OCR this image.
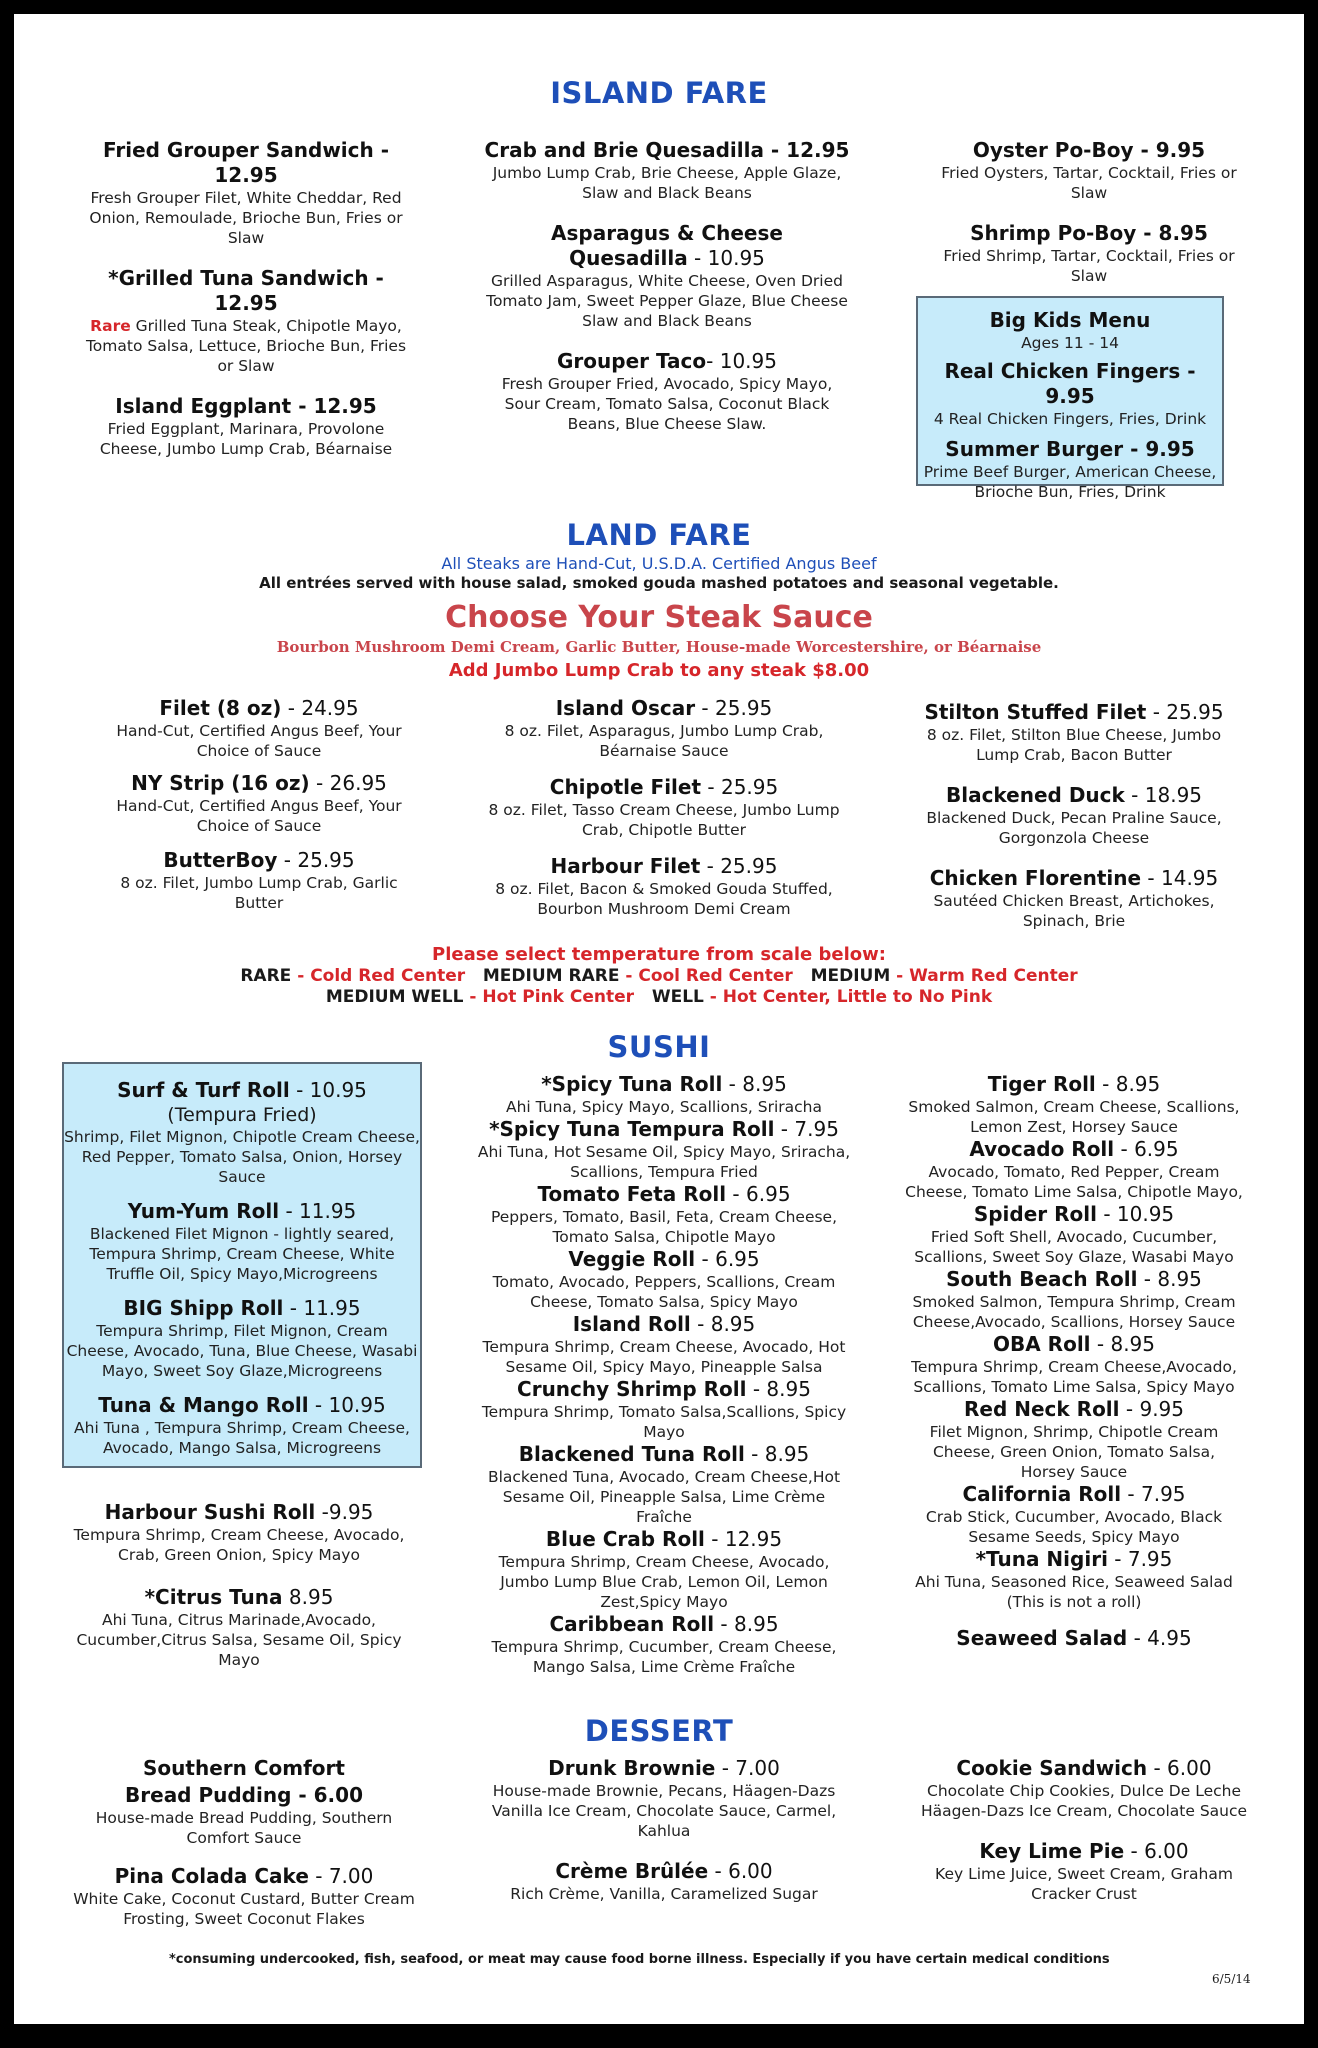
ISLAND FARE
Fried Grouper Sandwich - 12.95
Fresh Grouper Filet, White Cheddar, Red Onion, Remoulade, Brioche Bun, Fries or Slaw
*Grilled Tuna Sandwich - 12.95
Rare Grilled Tuna Steak, Chipotle Mayo, Tomato Salsa, Lettuce, Brioche Bun, Fries or Slaw
Island Eggplant - 12.95
Fried Eggplant, Marinara, Provolone Cheese, Jumbo Lump Crab, Béarnaise
Crab and Brie Quesadilla - 12.95
Jumbo Lump Crab, Brie Cheese, Apple Glaze, Slaw and Black Beans
Asparagus & Cheese
Quesadilla - 10.95
Grilled Asparagus, White Cheese, Oven Dried Tomato Jam, Sweet Pepper Glaze, Blue Cheese Slaw and Black Beans
Grouper Taco- 10.95
Fresh Grouper Fried, Avocado, Spicy Mayo, Sour Cream, Tomato Salsa, Coconut Black Beans, Blue Cheese Slaw.
Oyster Po-Boy - 9.95
Fried Oysters, Tartar, Cocktail, Fries or Slaw
Shrimp Po-Boy - 8.95
Fried Shrimp, Tartar, Cocktail, Fries or Slaw
Big Kids Menu
Ages 11 - 14
Real Chicken Fingers - 9.95
4 Real Chicken Fingers, Fries, Drink
Summer Burger - 9.95
Prime Beef Burger, American Cheese, Brioche Bun, Fries, Drink
LAND FARE
All Steaks are Hand-Cut, U.S.D.A. Certified Angus Beef
All entrées served with house salad, smoked gouda mashed potatoes and seasonal vegetable.
Choose Your Steak Sauce
Bourbon Mushroom Demi Cream, Garlic Butter, House-made Worcestershire, or Béarnaise
Add Jumbo Lump Crab to any steak $8.00
Filet (8 oz) - 24.95
Hand-Cut, Certified Angus Beef, Your Choice of Sauce
NY Strip (16 oz) - 26.95
Hand-Cut, Certified Angus Beef, Your Choice of Sauce
ButterBoy - 25.95
8 oz. Filet, Jumbo Lump Crab, Garlic Butter
Island Oscar - 25.95
8 oz. Filet, Asparagus, Jumbo Lump Crab, Béarnaise Sauce
Chipotle Filet - 25.95
8 oz. Filet, Tasso Cream Cheese, Jumbo Lump Crab, Chipotle Butter
Harbour Filet - 25.95
8 oz. Filet, Bacon & Smoked Gouda Stuffed, Bourbon Mushroom Demi Cream
Stilton Stuffed Filet - 25.95
8 oz. Filet, Stilton Blue Cheese, Jumbo Lump Crab, Bacon Butter
Blackened Duck - 18.95
Blackened Duck, Pecan Praline Sauce, Gorgonzola Cheese
Chicken Florentine - 14.95
Sautéed Chicken Breast, Artichokes, Spinach, Brie
Please select temperature from scale below:
RARE - Cold Red Center MEDIUM RARE - Cool Red Center MEDIUM - Warm Red Center
MEDIUM WELL - Hot Pink Center WELL - Hot Center, Little to No Pink
SUSHI
Surf & Turf Roll - 10.95
(Tempura Fried)
Shrimp, Filet Mignon, Chipotle Cream Cheese, Red Pepper, Tomato Salsa, Onion, Horsey Sauce
Yum-Yum Roll - 11.95
Blackened Filet Mignon - lightly seared, Tempura Shrimp, Cream Cheese, White Truffle Oil, Spicy Mayo,Microgreens
BIG Shipp Roll - 11.95
Tempura Shrimp, Filet Mignon, Cream Cheese, Avocado, Tuna, Blue Cheese, Wasabi Mayo, Sweet Soy Glaze,Microgreens
Tuna & Mango Roll - 10.95
Ahi Tuna , Tempura Shrimp, Cream Cheese, Avocado, Mango Salsa, Microgreens
Harbour Sushi Roll -9.95
Tempura Shrimp, Cream Cheese, Avocado, Crab, Green Onion, Spicy Mayo
*Citrus Tuna 8.95
Ahi Tuna, Citrus Marinade,Avocado, Cucumber,Citrus Salsa, Sesame Oil, Spicy Mayo
*Spicy Tuna Roll - 8.95
Ahi Tuna, Spicy Mayo, Scallions, Sriracha
*Spicy Tuna Tempura Roll - 7.95
Ahi Tuna, Hot Sesame Oil, Spicy Mayo, Sriracha, Scallions, Tempura Fried
Tomato Feta Roll - 6.95
Peppers, Tomato, Basil, Feta, Cream Cheese, Tomato Salsa, Chipotle Mayo
Veggie Roll - 6.95
Tomato, Avocado, Peppers, Scallions, Cream Cheese, Tomato Salsa, Spicy Mayo
Island Roll - 8.95
Tempura Shrimp, Cream Cheese, Avocado, Hot Sesame Oil, Spicy Mayo, Pineapple Salsa
Crunchy Shrimp Roll - 8.95
Tempura Shrimp, Tomato Salsa,Scallions, Spicy Mayo
Blackened Tuna Roll - 8.95
Blackened Tuna, Avocado, Cream Cheese,Hot Sesame Oil, Pineapple Salsa, Lime Crème Fraîche
Blue Crab Roll - 12.95
Tempura Shrimp, Cream Cheese, Avocado, Jumbo Lump Blue Crab, Lemon Oil, Lemon Zest,Spicy Mayo
Caribbean Roll - 8.95
Tempura Shrimp, Cucumber, Cream Cheese, Mango Salsa, Lime Crème Fraîche
Tiger Roll - 8.95
Smoked Salmon, Cream Cheese, Scallions, Lemon Zest, Horsey Sauce
Avocado Roll - 6.95
Avocado, Tomato, Red Pepper, Cream Cheese, Tomato Lime Salsa, Chipotle Mayo,
Spider Roll - 10.95
Fried Soft Shell, Avocado, Cucumber, Scallions, Sweet Soy Glaze, Wasabi Mayo
South Beach Roll - 8.95
Smoked Salmon, Tempura Shrimp, Cream Cheese,Avocado, Scallions, Horsey Sauce
OBA Roll - 8.95
Tempura Shrimp, Cream Cheese,Avocado, Scallions, Tomato Lime Salsa, Spicy Mayo
Red Neck Roll - 9.95
Filet Mignon, Shrimp, Chipotle Cream Cheese, Green Onion, Tomato Salsa, Horsey Sauce
California Roll - 7.95
Crab Stick, Cucumber, Avocado, Black Sesame Seeds, Spicy Mayo
*Tuna Nigiri - 7.95
Ahi Tuna, Seasoned Rice, Seaweed Salad (This is not a roll)
Seaweed Salad - 4.95
DESSERT
Southern Comfort
Bread Pudding - 6.00
House-made Bread Pudding, Southern Comfort Sauce
Pina Colada Cake - 7.00
White Cake, Coconut Custard, Butter Cream Frosting, Sweet Coconut Flakes
Drunk Brownie - 7.00
House-made Brownie, Pecans, Häagen-Dazs Vanilla Ice Cream, Chocolate Sauce, Carmel, Kahlua
Crème Brûlée - 6.00
Rich Crème, Vanilla, Caramelized Sugar
Cookie Sandwich - 6.00
Chocolate Chip Cookies, Dulce De Leche Häagen-Dazs Ice Cream, Chocolate Sauce
Key Lime Pie - 6.00
Key Lime Juice, Sweet Cream, Graham Cracker Crust
*consuming undercooked, fish, seafood, or meat may cause food borne illness. Especially if you have certain medical conditions
6/5/14
